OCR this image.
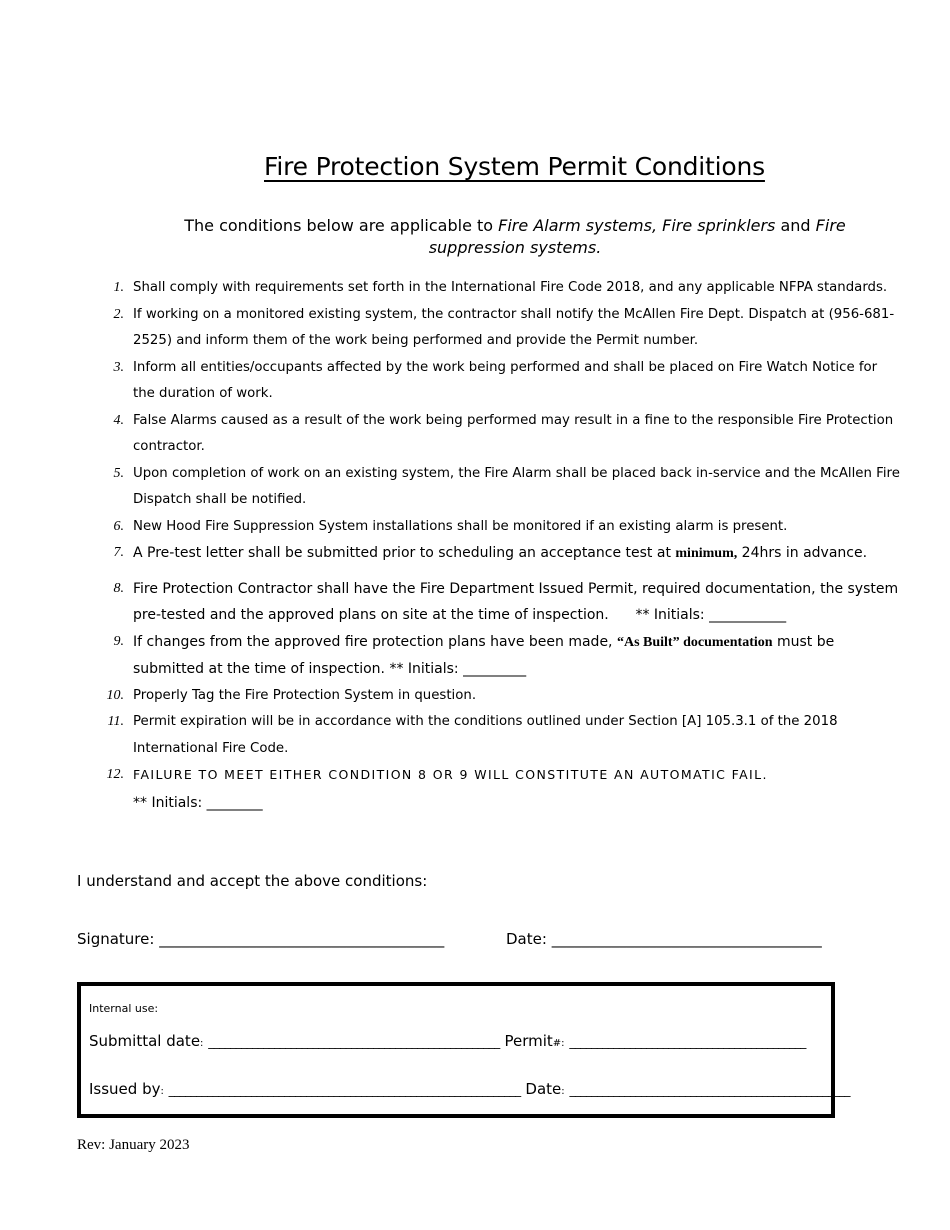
Fire Protection System Permit Conditions
The conditions below are applicable to Fire Alarm systems, Fire sprinklers and Fire suppression systems.
1. Shall comply with requirements set forth in the International Fire Code 2018, and any applicable NFPA standards.
2. If working on a monitored existing system, the contractor shall notify the McAllen Fire Dept. Dispatch at (956-681-2525) and inform them of the work being performed and provide the Permit number.
3. Inform all entities/occupants affected by the work being performed and shall be placed on Fire Watch Notice for the duration of work.
4. False Alarms caused as a result of the work being performed may result in a fine to the responsible Fire Protection contractor.
5. Upon completion of work on an existing system, the Fire Alarm shall be placed back in-service and the McAllen Fire Dispatch shall be notified.
6. New Hood Fire Suppression System installations shall be monitored if an existing alarm is present.
7. A Pre-test letter shall be submitted prior to scheduling an acceptance test at minimum, 24hrs in advance.
8. Fire Protection Contractor shall have the Fire Department Issued Permit, required documentation, the system pre-tested and the approved plans on site at the time of inspection. ** Initials: ___________
9. If changes from the approved fire protection plans have been made, “As Built” documentation must be submitted at the time of inspection. ** Initials: _________
10. Properly Tag the Fire Protection System in question.
11. Permit expiration will be in accordance with the conditions outlined under Section [A] 105.3.1 of the 2018 International Fire Code.
12. FAILURE TO MEET EITHER CONDITION 8 OR 9 WILL CONSTITUTE AN AUTOMATIC FAIL.
** Initials: ________
I understand and accept the above conditions:
Signature: ______________________________________	Date: ____________________________________
Internal use:
Submittal date: _____________________________________________________ Permit#: ___________________________________________
Issued by: ________________________________________________________________ Date: ___________________________________________________
Rev: January 2023
